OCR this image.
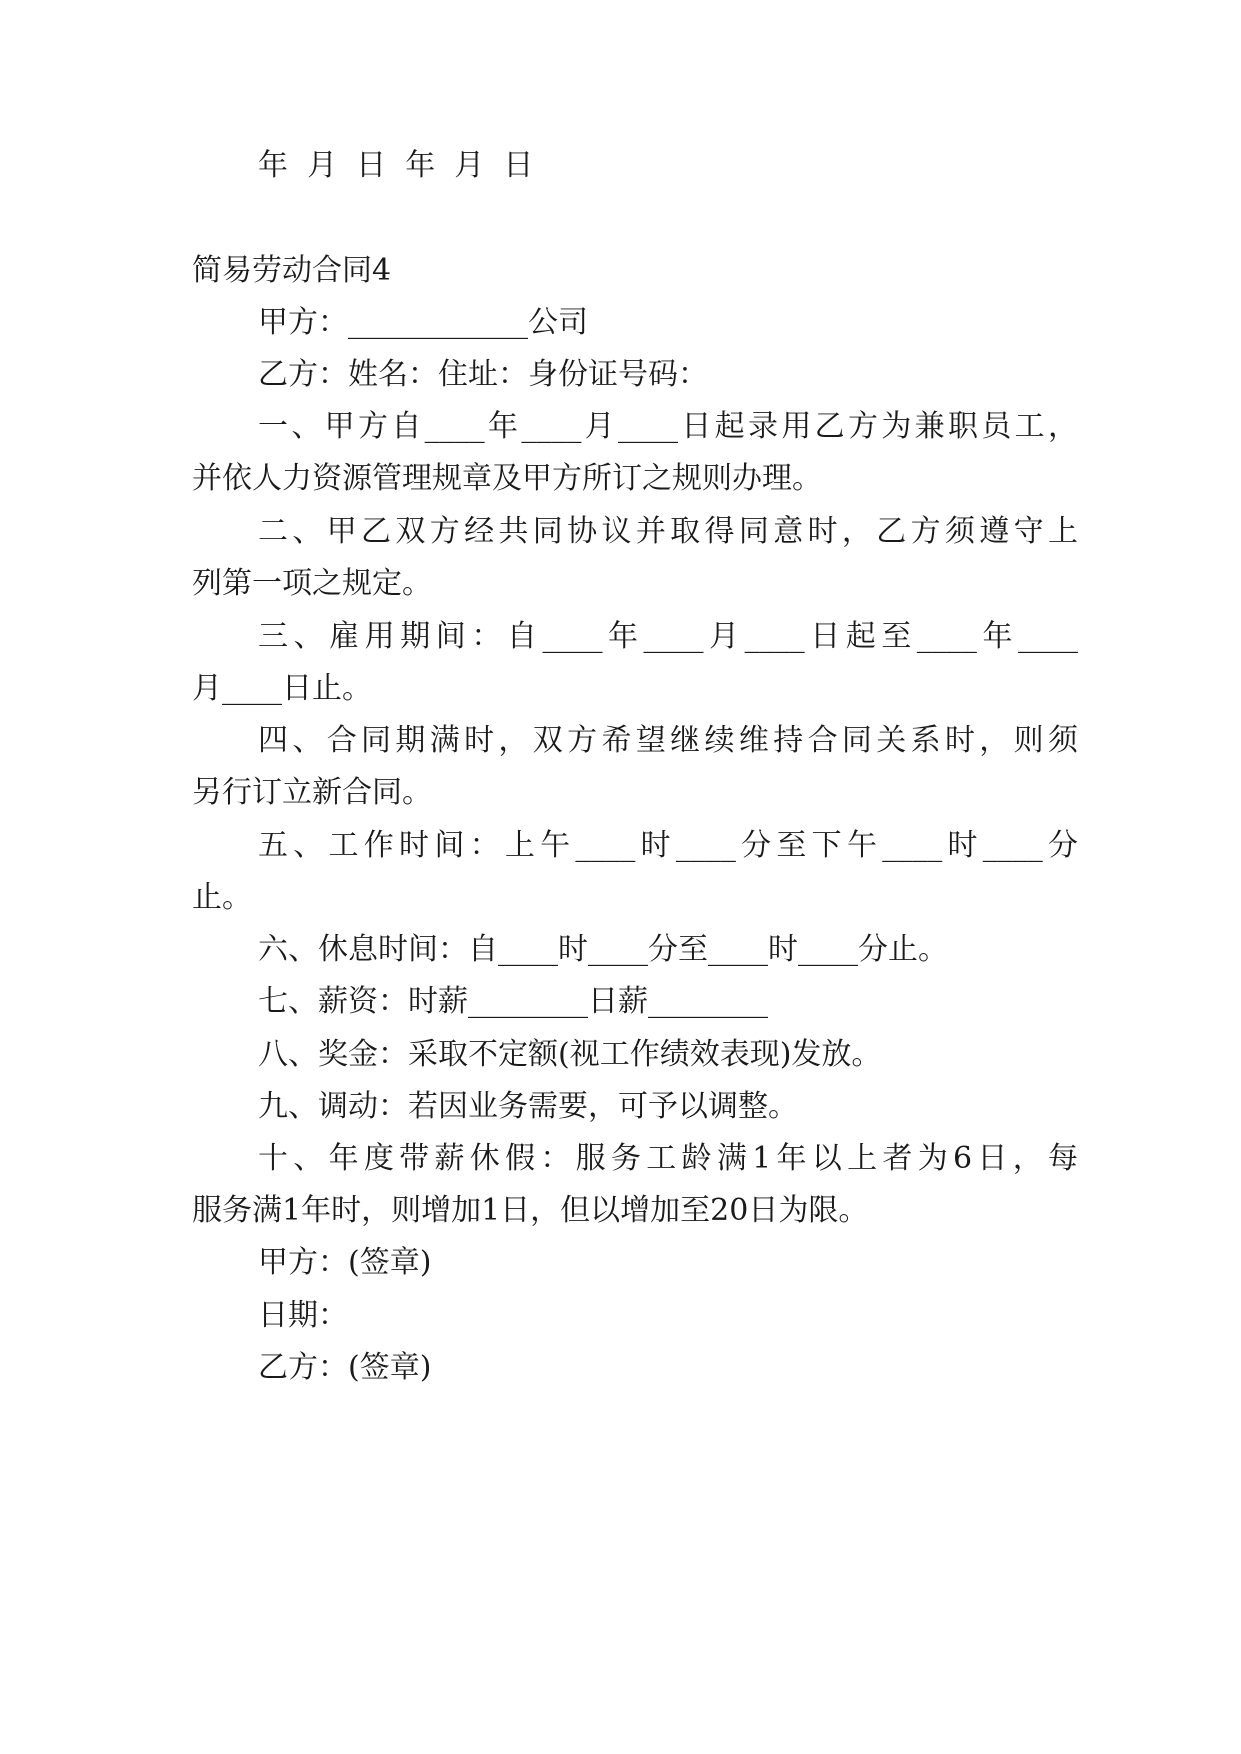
年  月  日  年  月  日

简易劳动合同4

甲方：____________公司

乙方：姓名：住址：身份证号码：

一、甲方自____年____月____日起录用乙方为兼职员工，

并依人力资源管理规章及甲方所订之规则办理。

二、甲乙双方经共同协议并取得同意时，乙方须遵守上

列第一项之规定。

三、雇用期间：自____年____月____日起至____年____

月____日止。

四、合同期满时，双方希望继续维持合同关系时，则须

另行订立新合同。

五、工作时间：上午____时____分至下午____时____分

止。

六、休息时间：自____时____分至____时____分止。

七、薪资：时薪________日薪________

八、奖金：采取不定额(视工作绩效表现)发放。

九、调动：若因业务需要，可予以调整。

十、年度带薪休假：服务工龄满1年以上者为6日，每

服务满1年时，则增加1日，但以增加至20日为限。

甲方：(签章)

日期：

乙方：(签章)
